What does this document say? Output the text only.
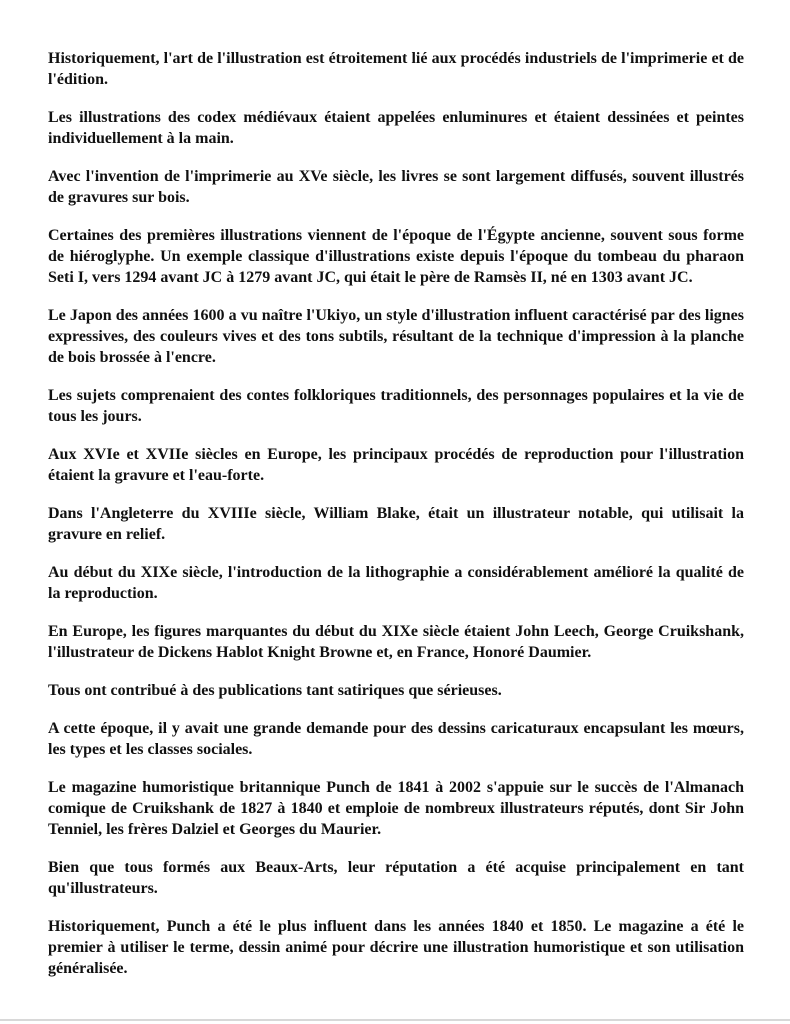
Historiquement, l'art de l'illustration est étroitement lié aux procédés industriels de l'imprimerie et de l'édition.

Les illustrations des codex médiévaux étaient appelées enluminures et étaient dessinées et peintes individuellement à la main.

Avec l'invention de l'imprimerie au XVe siècle, les livres se sont largement diffusés, souvent illustrés de gravures sur bois.

Certaines des premières illustrations viennent de l'époque de l'Égypte ancienne, souvent sous forme de hiéroglyphe. Un exemple classique d'illustrations existe depuis l'époque du tombeau du pharaon Seti I, vers 1294 avant JC à 1279 avant JC, qui était le père de Ramsès II, né en 1303 avant JC.

Le Japon des années 1600 a vu naître l'Ukiyo, un style d'illustration influent caractérisé par des lignes expressives, des couleurs vives et des tons subtils, résultant de la technique d'impression à la planche de bois brossée à l'encre.

Les sujets comprenaient des contes folkloriques traditionnels, des personnages populaires et la vie de tous les jours.

Aux XVIe et XVIIe siècles en Europe, les principaux procédés de reproduction pour l'illustration étaient la gravure et l'eau-forte.

Dans l'Angleterre du XVIIIe siècle, William Blake, était un illustrateur notable, qui utilisait la gravure en relief.

Au début du XIXe siècle, l'introduction de la lithographie a considérablement amélioré la qualité de la reproduction.

En Europe, les figures marquantes du début du XIXe siècle étaient John Leech, George Cruikshank, l'illustrateur de Dickens Hablot Knight Browne et, en France, Honoré Daumier.

Tous ont contribué à des publications tant satiriques que sérieuses.

A cette époque, il y avait une grande demande pour des dessins caricaturaux encapsulant les mœurs, les types et les classes sociales.

Le magazine humoristique britannique Punch de 1841 à 2002 s'appuie sur le succès de l'Almanach comique de Cruikshank de 1827 à 1840 et emploie de nombreux illustrateurs réputés, dont Sir John Tenniel, les frères Dalziel et Georges du Maurier.

Bien que tous formés aux Beaux-Arts, leur réputation a été acquise principalement en tant qu'illustrateurs.

Historiquement, Punch a été le plus influent dans les années 1840 et 1850. Le magazine a été le premier à utiliser le terme, dessin animé pour décrire une illustration humoristique et son utilisation généralisée.
